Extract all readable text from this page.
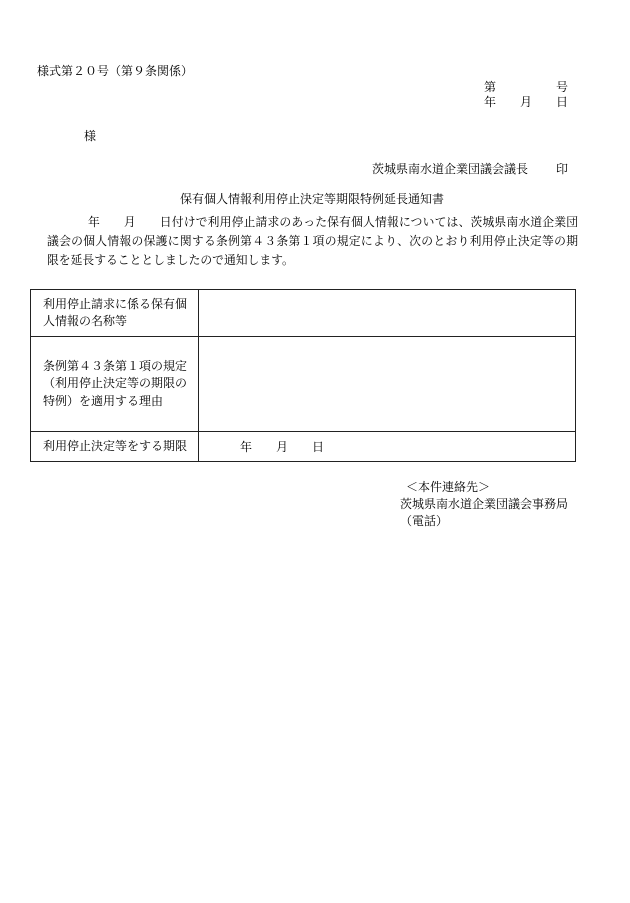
様式第２０号（第９条関係）
第　　　　　号
年　　月　　日
様
茨城県南水道企業団議会議長 印
保有個人情報利用停止決定等期限特例延長通知書
年　　月　　日付けで利用停止請求のあった保有個人情報については、茨城県南水道企業団
議会の個人情報の保護に関する条例第４３条第１項の規定により、次のとおり利用停止決定等の期
限を延長することとしましたので通知します。
利用停止請求に係る保有個
人情報の名称等
条例第４３条第１項の規定
（利用停止決定等の期限の
特例）を適用する理由
利用停止決定等をする期限	年　　月　　日
＜本件連絡先＞
茨城県南水道企業団議会事務局
（電話）
